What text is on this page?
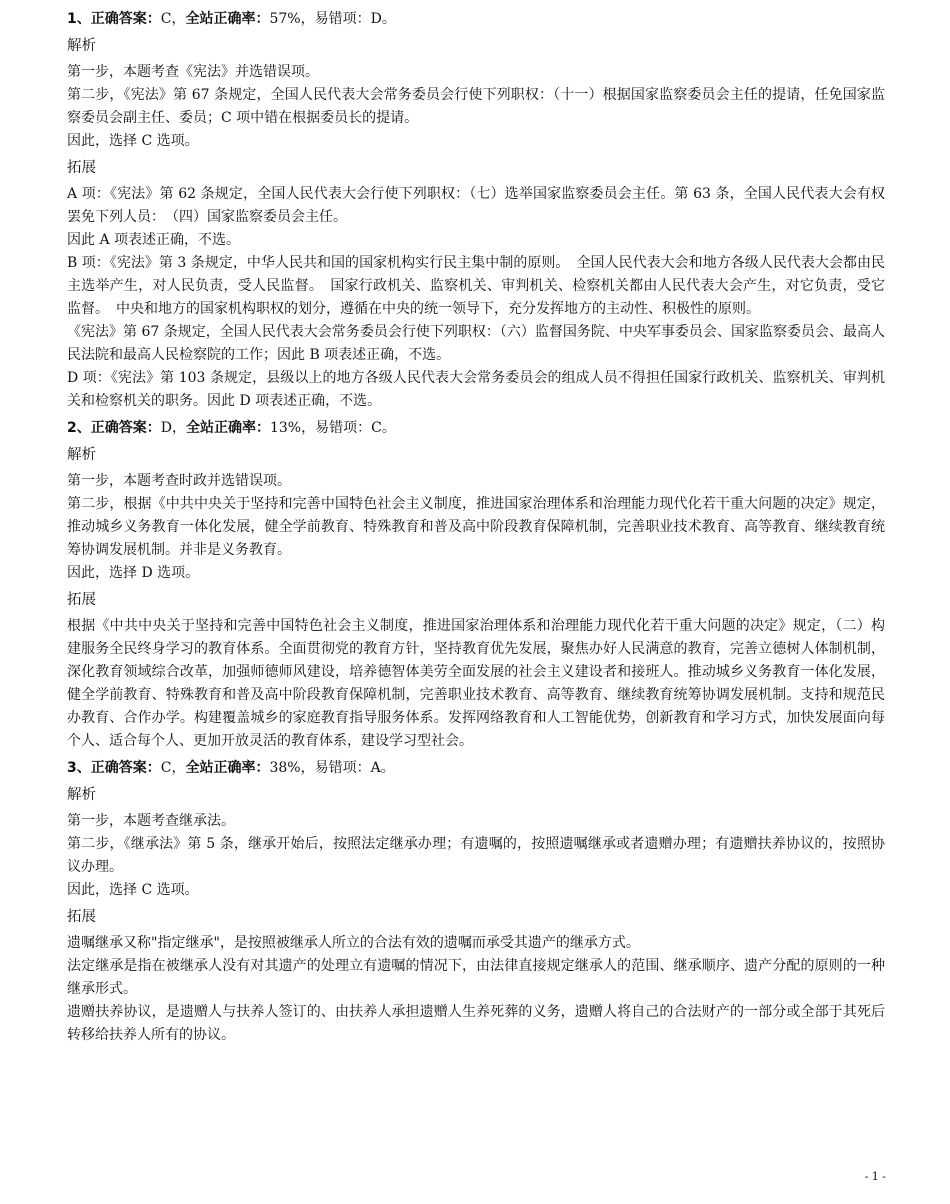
1、正确答案：C，全站正确率：57%，易错项：D。
解析

第一步，本题考查《宪法》并选错误项。

第二步，《宪法》第 67 条规定，全国人民代表大会常务委员会行使下列职权：（十一）根据国家监察委员会主任的提请，任免国家监察委员会副主任、委员；C 项中错在根据委员长的提请。

因此，选择 C 选项。

拓展

A 项：《宪法》第 62 条规定，全国人民代表大会行使下列职权：（七）选举国家监察委员会主任。第 63 条，全国人民代表大会有权罢免下列人员：　（四）国家监察委员会主任。

因此 A 项表述正确，不选。

B 项：《宪法》第 3 条规定，中华人民共和国的国家机构实行民主集中制的原则。　全国人民代表大会和地方各级人民代表大会都由民主选举产生，对人民负责，受人民监督。　国家行政机关、监察机关、审判机关、检察机关都由人民代表大会产生，对它负责，受它监督。　中央和地方的国家机构职权的划分，遵循在中央的统一领导下，充分发挥地方的主动性、积极性的原则。

《宪法》第 67 条规定，全国人民代表大会常务委员会行使下列职权：（六）监督国务院、中央军事委员会、国家监察委员会、最高人民法院和最高人民检察院的工作；因此 B 项表述正确，不选。

D 项：《宪法》第 103 条规定，县级以上的地方各级人民代表大会常务委员会的组成人员不得担任国家行政机关、监察机关、审判机关和检察机关的职务。因此 D 项表述正确，不选。

2、正确答案：D，全站正确率：13%，易错项：C。
解析

第一步，本题考查时政并选错误项。

第二步，根据《中共中央关于坚持和完善中国特色社会主义制度，推进国家治理体系和治理能力现代化若干重大问题的决定》规定，推动城乡义务教育一体化发展，健全学前教育、特殊教育和普及高中阶段教育保障机制，完善职业技术教育、高等教育、继续教育统筹协调发展机制。并非是义务教育。

因此，选择 D 选项。

拓展

根据《中共中央关于坚持和完善中国特色社会主义制度，推进国家治理体系和治理能力现代化若干重大问题的决定》规定，（二）构建服务全民终身学习的教育体系。全面贯彻党的教育方针，坚持教育优先发展，聚焦办好人民满意的教育，完善立德树人体制机制，深化教育领域综合改革，加强师德师风建设，培养德智体美劳全面发展的社会主义建设者和接班人。推动城乡义务教育一体化发展，健全学前教育、特殊教育和普及高中阶段教育保障机制，完善职业技术教育、高等教育、继续教育统筹协调发展机制。支持和规范民办教育、合作办学。构建覆盖城乡的家庭教育指导服务体系。发挥网络教育和人工智能优势，创新教育和学习方式，加快发展面向每个人、适合每个人、更加开放灵活的教育体系，建设学习型社会。

3、正确答案：C，全站正确率：38%，易错项：A。
解析

第一步，本题考查继承法。

第二步，《继承法》第 5 条，继承开始后，按照法定继承办理；有遗嘱的，按照遗嘱继承或者遗赠办理；有遗赠扶养协议的，按照协议办理。

因此，选择 C 选项。

拓展

遗嘱继承又称"指定继承"，是按照被继承人所立的合法有效的遗嘱而承受其遗产的继承方式。

法定继承是指在被继承人没有对其遗产的处理立有遗嘱的情况下，由法律直接规定继承人的范围、继承顺序、遗产分配的原则的一种继承形式。

遗赠扶养协议，是遗赠人与扶养人签订的、由扶养人承担遗赠人生养死葬的义务，遗赠人将自己的合法财产的一部分或全部于其死后转移给扶养人所有的协议。

- 1 -
